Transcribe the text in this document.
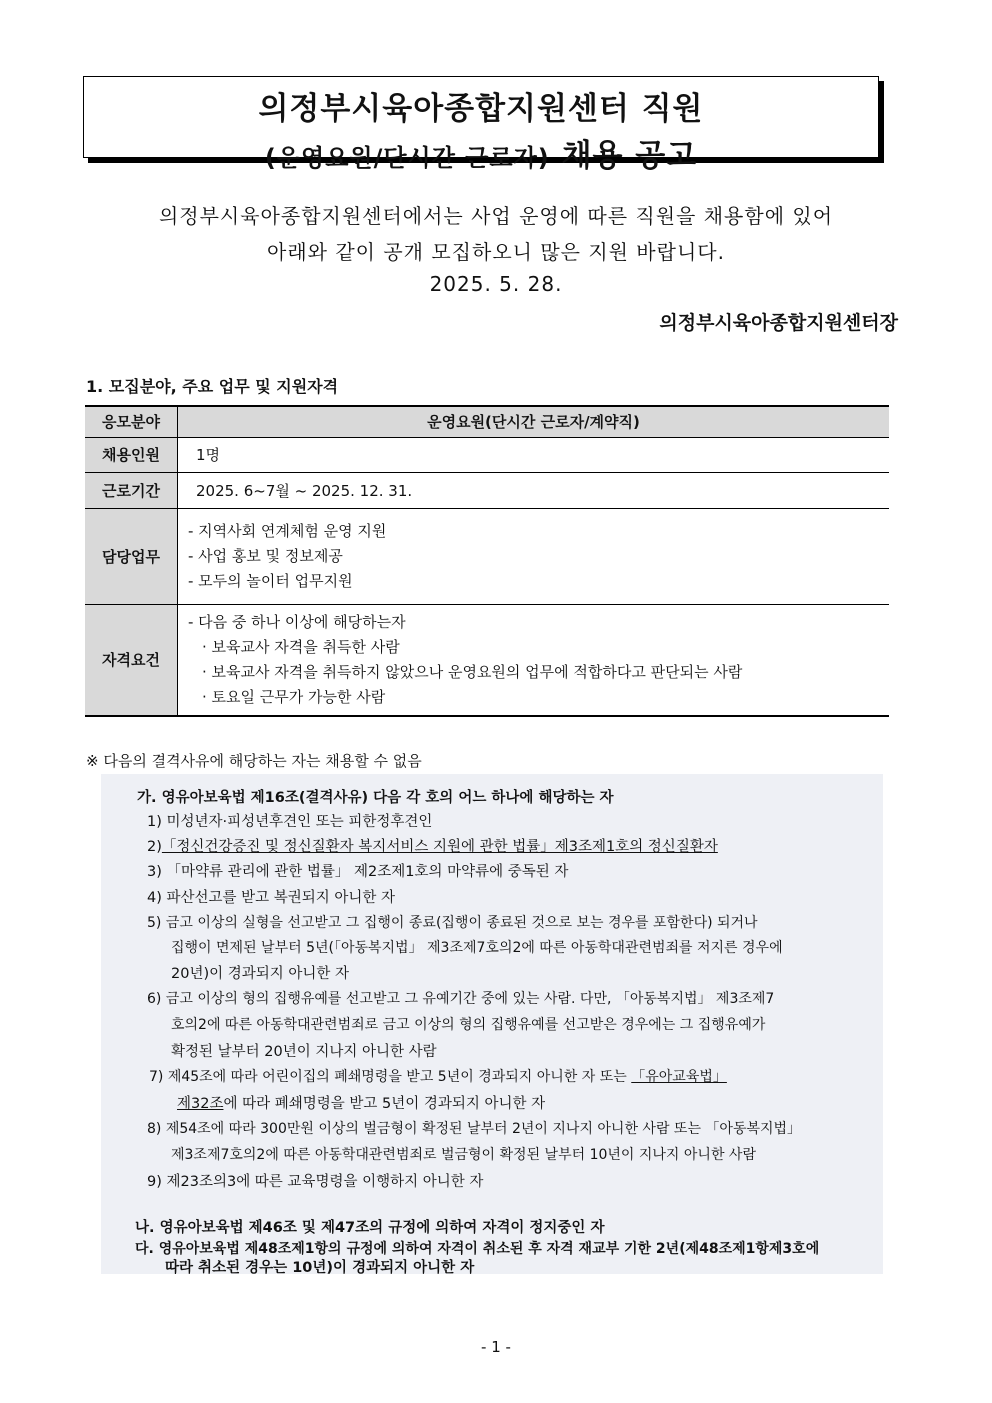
의정부시육아종합지원센터 직원
(운영요원/단시간 근로자) 채용 공고
의정부시육아종합지원센터에서는 사업 운영에 따른 직원을 채용함에 있어
아래와 같이 공개 모집하오니 많은 지원 바랍니다.
2025. 5. 28.
의정부시육아종합지원센터장
1. 모집분야, 주요 업무 및 지원자격
응모분야	운영요원(단시간 근로자/계약직)
채용인원	1명
근로기간	2025. 6~7월 ~ 2025. 12. 31.
담당업무	- 지역사회 연계체험 운영 지원
- 사업 홍보 및 정보제공
- 모두의 놀이터 업무지원

자격요건	- 다음 중 하나 이상에 해당하는자
· 보육교사 자격을 취득한 사람
· 보육교사 자격을 취득하지 않았으나 운영요원의 업무에 적합하다고 판단되는 사람
· 토요일 근무가 가능한 사람
※ 다음의 결격사유에 해당하는 자는 채용할 수 없음
가. 영유아보육법 제16조(결격사유) 다음 각 호의 어느 하나에 해당하는 자
1) 미성년자·피성년후견인 또는 피한정후견인
2)「정신건강증진 및 정신질환자 복지서비스 지원에 관한 법률」제3조제1호의 정신질환자
3) 「마약류 관리에 관한 법률」 제2조제1호의 마약류에 중독된 자
4) 파산선고를 받고 복권되지 아니한 자
5) 금고 이상의 실형을 선고받고 그 집행이 종료(집행이 종료된 것으로 보는 경우를 포함한다) 되거나
집행이 면제된 날부터 5년(「아동복지법」 제3조제7호의2에 따른 아동학대관련범죄를 저지른 경우에
20년)이 경과되지 아니한 자
6) 금고 이상의 형의 집행유예를 선고받고 그 유예기간 중에 있는 사람. 다만, 「아동복지법」 제3조제7
호의2에 따른 아동학대관련범죄로 금고 이상의 형의 집행유예를 선고받은 경우에는 그 집행유예가
확정된 날부터 20년이 지나지 아니한 사람
7) 제45조에 따라 어린이집의 폐쇄명령을 받고 5년이 경과되지 아니한 자 또는 「유아교육법」
제32조에 따라 폐쇄명령을 받고 5년이 경과되지 아니한 자
8) 제54조에 따라 300만원 이상의 벌금형이 확정된 날부터 2년이 지나지 아니한 사람 또는 「아동복지법」
제3조제7호의2에 따른 아동학대관련범죄로 벌금형이 확정된 날부터 10년이 지나지 아니한 사람
9) 제23조의3에 따른 교육명령을 이행하지 아니한 자
나. 영유아보육법 제46조 및 제47조의 규정에 의하여 자격이 정지중인 자
다. 영유아보육법 제48조제1항의 규정에 의하여 자격이 취소된 후 자격 재교부 기한 2년(제48조제1항제3호에
따라 취소된 경우는 10년)이 경과되지 아니한 자
- 1 -
